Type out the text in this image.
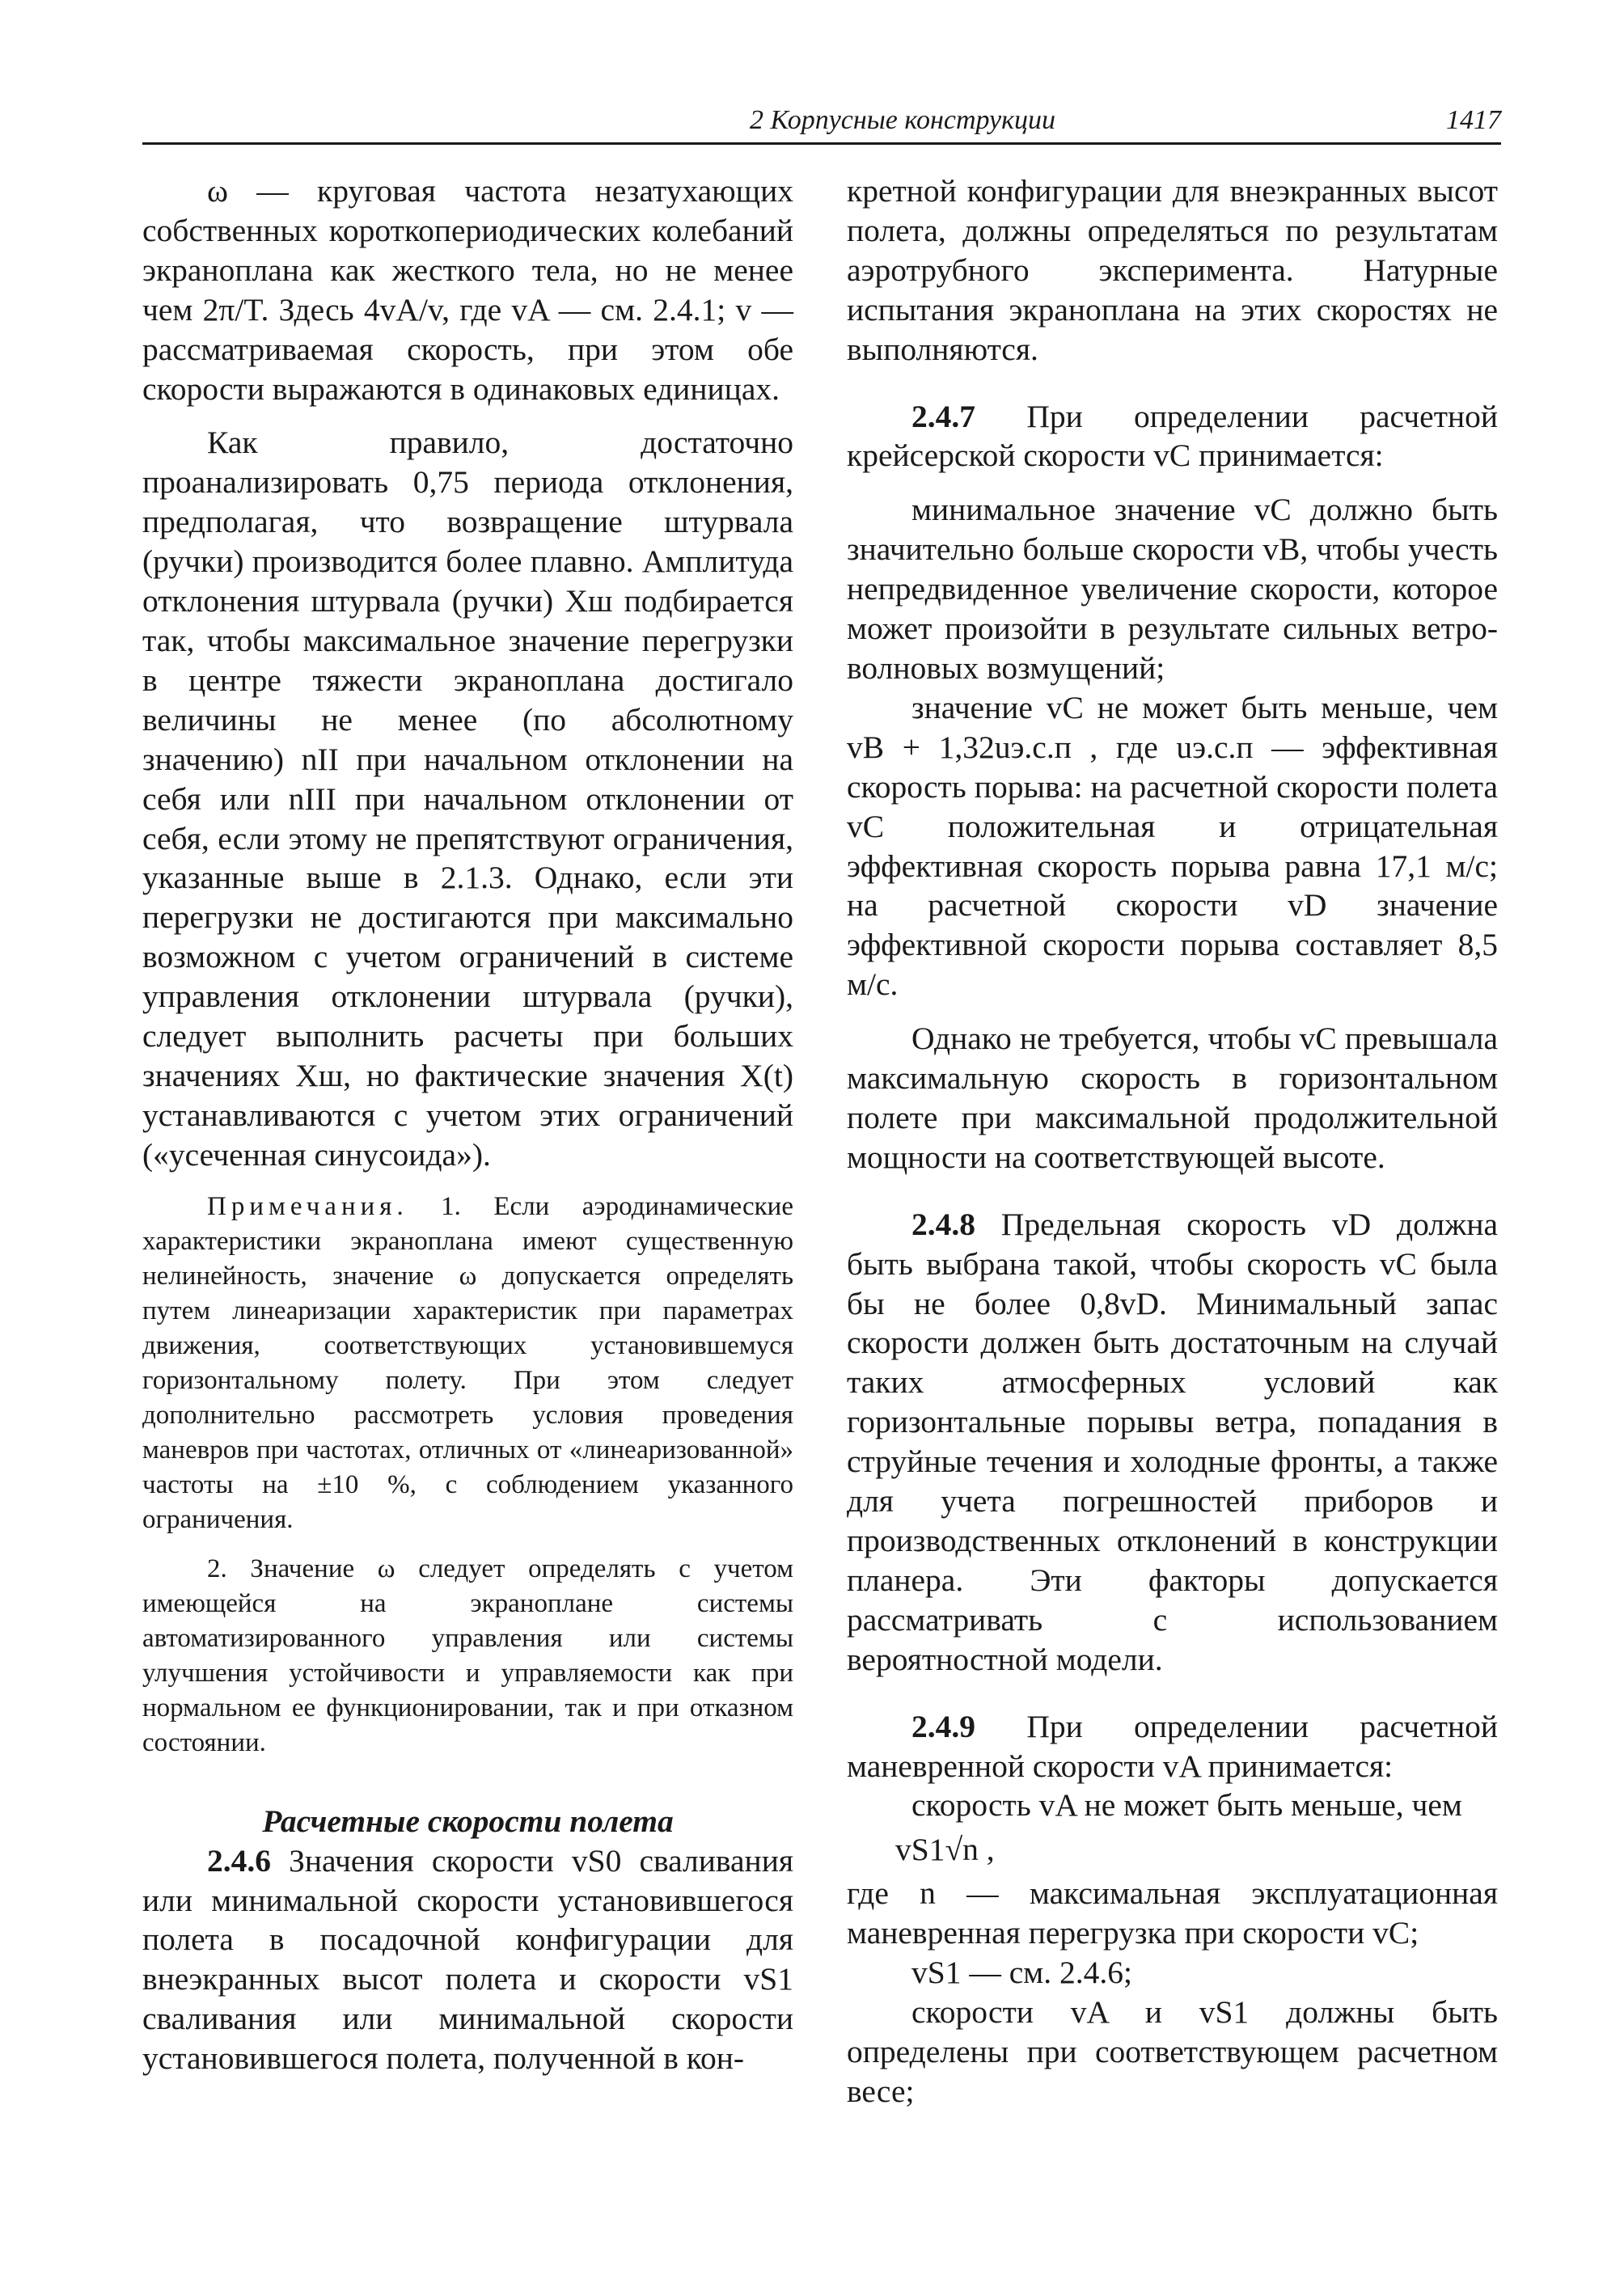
2 Корпусные конструкции	1417

ω — круговая частота незатухающих собственных короткопериодических колебаний экраноплана как жесткого тела, но не менее чем 2π/T. Здесь 4vA/v, где vA — см. 2.4.1; v — рассматриваемая скорость, при этом обе скорости выражаются в одинаковых единицах.

Как правило, достаточно проанализировать 0,75 периода отклонения, предполагая, что возвращение штурвала (ручки) производится более плавно. Амплитуда отклонения штурвала (ручки) Xш подбирается так, чтобы максимальное значение перегрузки в центре тяжести экраноплана достигало величины не менее (по абсолютному значению) nII при начальном отклонении на себя или nIII при начальном отклонении от себя, если этому не препятствуют ограничения, указанные выше в 2.1.3. Однако, если эти перегрузки не достигаются при максимально возможном с учетом ограничений в системе управления отклонении штурвала (ручки), следует выполнить расчеты при больших значениях Xш, но фактические значения X(t) устанавливаются с учетом этих ограничений («усеченная синусоида»).

Примечания. 1. Если аэродинамические характеристики экраноплана имеют существенную нелинейность, значение ω допускается определять путем линеаризации характеристик при параметрах движения, соответствующих установившемуся горизонтальному полету. При этом следует дополнительно рассмотреть условия проведения маневров при частотах, отличных от «линеаризованной» частоты на ±10 %, с соблюдением указанного ограничения.

2. Значение ω следует определять с учетом имеющейся на экраноплане системы автоматизированного управления или системы улучшения устойчивости и управляемости как при нормальном ее функционировании, так и при отказном состоянии.

Расчетные скорости полета

2.4.6 Значения скорости vS0 сваливания или минимальной скорости установившегося полета в посадочной конфигурации для внеэкранных высот полета и скорости vS1 сваливания или минимальной скорости установившегося полета, полученной в кон-

кретной конфигурации для внеэкранных высот полета, должны определяться по результатам аэротрубного эксперимента. Натурные испытания экраноплана на этих скоростях не выполняются.

2.4.7 При определении расчетной крейсерской скорости vC принимается:

минимальное значение vC должно быть значительно больше скорости vB, чтобы учесть непредвиденное увеличение скорости, которое может произойти в результате сильных ветро-волновых возмущений;

значение vC не может быть меньше, чем vB + 1,32uэ.с.п , где uэ.с.п — эффективная скорость порыва: на расчетной скорости полета vC положительная и отрицательная эффективная скорость порыва равна 17,1 м/с; на расчетной скорости vD значение эффективной скорости порыва составляет 8,5 м/с.

Однако не требуется, чтобы vC превышала максимальную скорость в горизонтальном полете при максимальной продолжительной мощности на соответствующей высоте.

2.4.8 Предельная скорость vD должна быть выбрана такой, чтобы скорость vC была бы не более 0,8vD. Минимальный запас скорости должен быть достаточным на случай таких атмосферных условий как горизонтальные порывы ветра, попадания в струйные течения и холодные фронты, а также для учета погрешностей приборов и производственных отклонений в конструкции планера. Эти факторы допускается рассматривать с использованием вероятностной модели.

2.4.9 При определении расчетной маневренной скорости vA принимается:

скорость vA не может быть меньше, чем

vS1√n ,

где n — максимальная эксплуатационная маневренная перегрузка при скорости vC;

vS1 — см. 2.4.6;

скорости vA и vS1 должны быть определены при соответствующем расчетном весе;
